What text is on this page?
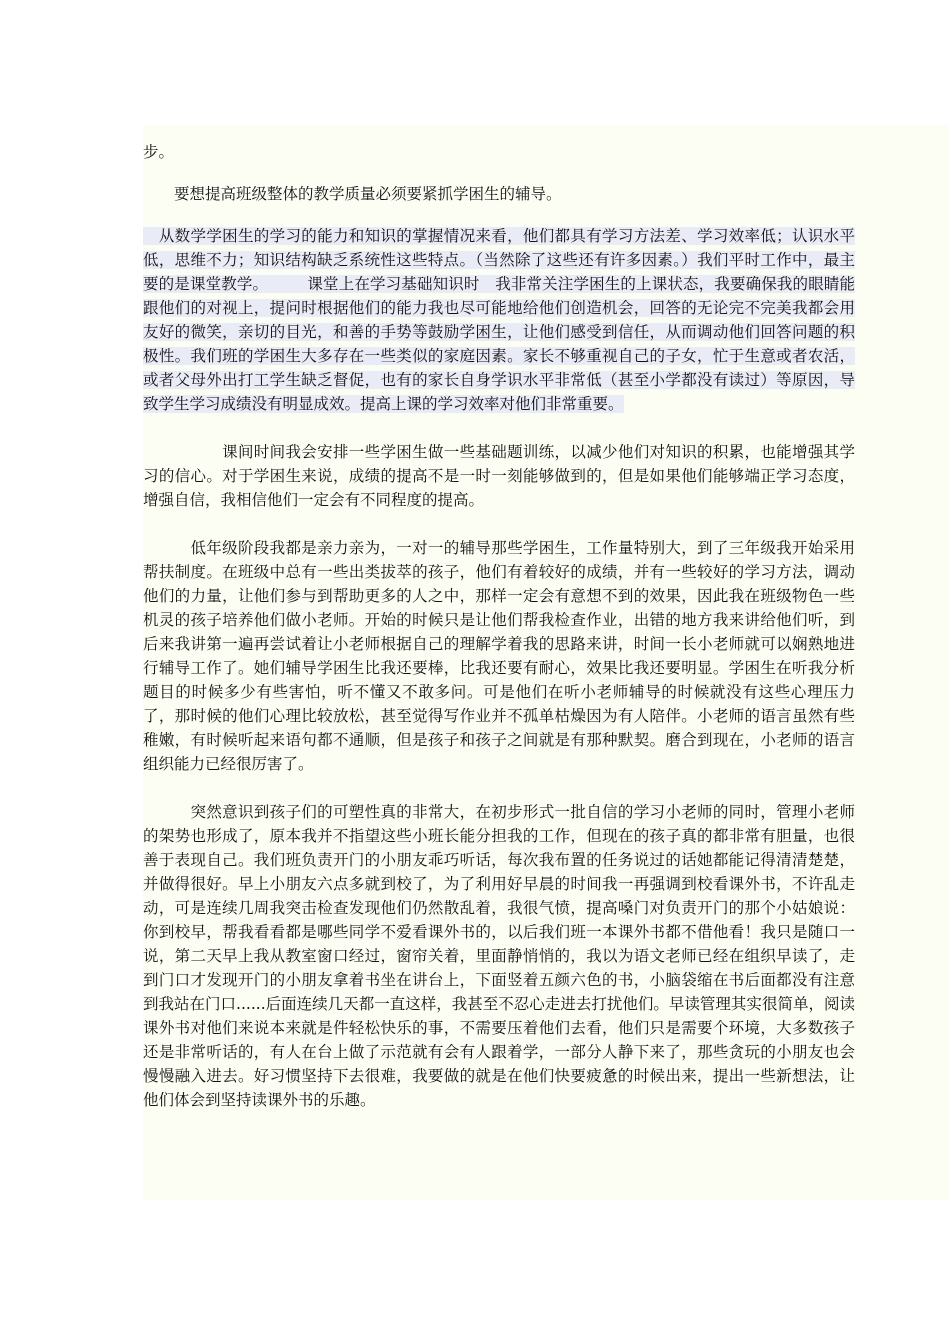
步。

　　要想提高班级整体的教学质量必须要紧抓学困生的辅导。

　从数学学困生的学习的能力和知识的掌握情况来看，他们都具有学习方法差、学习效率低；认识水平低，思维不力；知识结构缺乏系统性这些特点。（当然除了这些还有许多因素。）我们平时工作中，最主要的是课堂教学。　　　课堂上在学习基础知识时　我非常关注学困生的上课状态，我要确保我的眼睛能跟他们的对视上，提问时根据他们的能力我也尽可能地给他们创造机会，回答的无论完不完美我都会用友好的微笑，亲切的目光，和善的手势等鼓励学困生，让他们感受到信任，从而调动他们回答问题的积极性。我们班的学困生大多存在一些类似的家庭因素。家长不够重视自己的子女，忙于生意或者农活，或者父母外出打工学生缺乏督促，也有的家长自身学识水平非常低（甚至小学都没有读过）等原因，导致学生学习成绩没有明显成效。提高上课的学习效率对他们非常重要。

　　　　　课间时间我会安排一些学困生做一些基础题训练，以减少他们对知识的积累，也能增强其学习的信心。对于学困生来说，成绩的提高不是一时一刻能够做到的，但是如果他们能够端正学习态度，增强自信，我相信他们一定会有不同程度的提高。

　　　低年级阶段我都是亲力亲为，一对一的辅导那些学困生，工作量特别大，到了三年级我开始采用帮扶制度。在班级中总有一些出类拔萃的孩子，他们有着较好的成绩，并有一些较好的学习方法，调动他们的力量，让他们参与到帮助更多的人之中，那样一定会有意想不到的效果，因此我在班级物色一些机灵的孩子培养他们做小老师。开始的时候只是让他们帮我检查作业，出错的地方我来讲给他们听，到后来我讲第一遍再尝试着让小老师根据自己的理解学着我的思路来讲，时间一长小老师就可以娴熟地进行辅导工作了。她们辅导学困生比我还要棒，比我还要有耐心，效果比我还要明显。学困生在听我分析题目的时候多少有些害怕，听不懂又不敢多问。可是他们在听小老师辅导的时候就没有这些心理压力了，那时候的他们心理比较放松，甚至觉得写作业并不孤单枯燥因为有人陪伴。小老师的语言虽然有些稚嫩，有时候听起来语句都不通顺，但是孩子和孩子之间就是有那种默契。磨合到现在，小老师的语言组织能力已经很厉害了。

　　　突然意识到孩子们的可塑性真的非常大，在初步形式一批自信的学习小老师的同时，管理小老师的架势也形成了，原本我并不指望这些小班长能分担我的工作，但现在的孩子真的都非常有胆量，也很善于表现自己。我们班负责开门的小朋友乖巧听话，每次我布置的任务说过的话她都能记得清清楚楚，并做得很好。早上小朋友六点多就到校了，为了利用好早晨的时间我一再强调到校看课外书，不许乱走动，可是连续几周我突击检查发现他们仍然散乱着，我很气愤，提高嗓门对负责开门的那个小姑娘说：你到校早，帮我看看都是哪些同学不爱看课外书的，以后我们班一本课外书都不借他看！我只是随口一说，第二天早上我从教室窗口经过，窗帘关着，里面静悄悄的，我以为语文老师已经在组织早读了，走到门口才发现开门的小朋友拿着书坐在讲台上，下面竖着五颜六色的书，小脑袋缩在书后面都没有注意到我站在门口......后面连续几天都一直这样，我甚至不忍心走进去打扰他们。早读管理其实很简单，阅读课外书对他们来说本来就是件轻松快乐的事，不需要压着他们去看，他们只是需要个环境，大多数孩子还是非常听话的，有人在台上做了示范就有会有人跟着学，一部分人静下来了，那些贪玩的小朋友也会慢慢融入进去。好习惯坚持下去很难，我要做的就是在他们快要疲惫的时候出来，提出一些新想法，让他们体会到坚持读课外书的乐趣。
